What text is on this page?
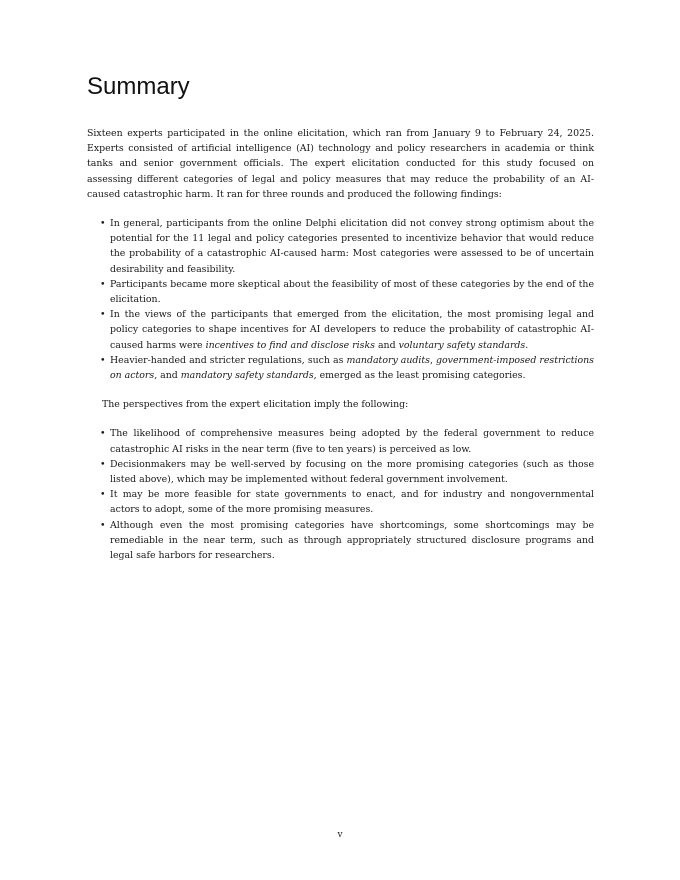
Summary

Sixteen experts participated in the online elicitation, which ran from January 9 to February 24, 2025. Experts consisted of artificial intelligence (AI) technology and policy researchers in academia or think tanks and senior government officials. The expert elicitation conducted for this study focused on assessing different categories of legal and policy measures that may reduce the probability of an AI-caused catastrophic harm. It ran for three rounds and produced the following findings:

• In general, participants from the online Delphi elicitation did not convey strong optimism about the potential for the 11 legal and policy categories presented to incentivize behavior that would reduce the probability of a catastrophic AI-caused harm: Most categories were assessed to be of uncertain desirability and feasibility.
• Participants became more skeptical about the feasibility of most of these categories by the end of the elicitation.
• In the views of the participants that emerged from the elicitation, the most promising legal and policy categories to shape incentives for AI developers to reduce the probability of catastrophic AI-caused harms were incentives to find and disclose risks and voluntary safety standards.
• Heavier-handed and stricter regulations, such as mandatory audits, government-imposed restrictions on actors, and mandatory safety standards, emerged as the least promising categories.

The perspectives from the expert elicitation imply the following:

• The likelihood of comprehensive measures being adopted by the federal government to reduce catastrophic AI risks in the near term (five to ten years) is perceived as low.
• Decisionmakers may be well-served by focusing on the more promising categories (such as those listed above), which may be implemented without federal government involvement.
• It may be more feasible for state governments to enact, and for industry and nongovernmental actors to adopt, some of the more promising measures.
• Although even the most promising categories have shortcomings, some shortcomings may be remediable in the near term, such as through appropriately structured disclosure programs and legal safe harbors for researchers.
v
